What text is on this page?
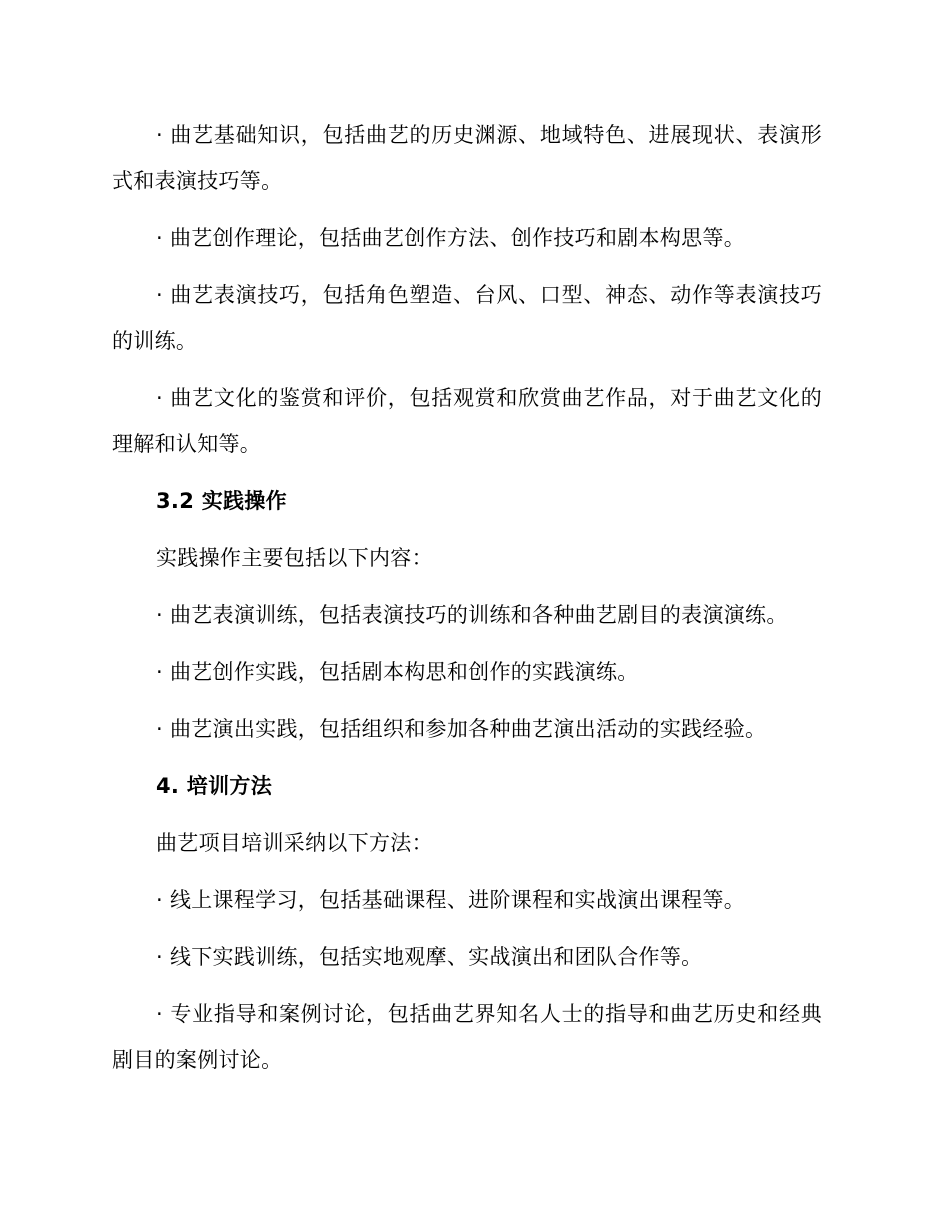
· 曲艺基础知识，包括曲艺的历史渊源、地域特色、进展现状、表演形式和表演技巧等。

· 曲艺创作理论，包括曲艺创作方法、创作技巧和剧本构思等。

· 曲艺表演技巧，包括角色塑造、台风、口型、神态、动作等表演技巧的训练。

· 曲艺文化的鉴赏和评价，包括观赏和欣赏曲艺作品，对于曲艺文化的理解和认知等。

3.2 实践操作

实践操作主要包括以下内容：

· 曲艺表演训练，包括表演技巧的训练和各种曲艺剧目的表演演练。

· 曲艺创作实践，包括剧本构思和创作的实践演练。

· 曲艺演出实践，包括组织和参加各种曲艺演出活动的实践经验。

4. 培训方法

曲艺项目培训采纳以下方法：

· 线上课程学习，包括基础课程、进阶课程和实战演出课程等。

· 线下实践训练，包括实地观摩、实战演出和团队合作等。

· 专业指导和案例讨论，包括曲艺界知名人士的指导和曲艺历史和经典剧目的案例讨论。
